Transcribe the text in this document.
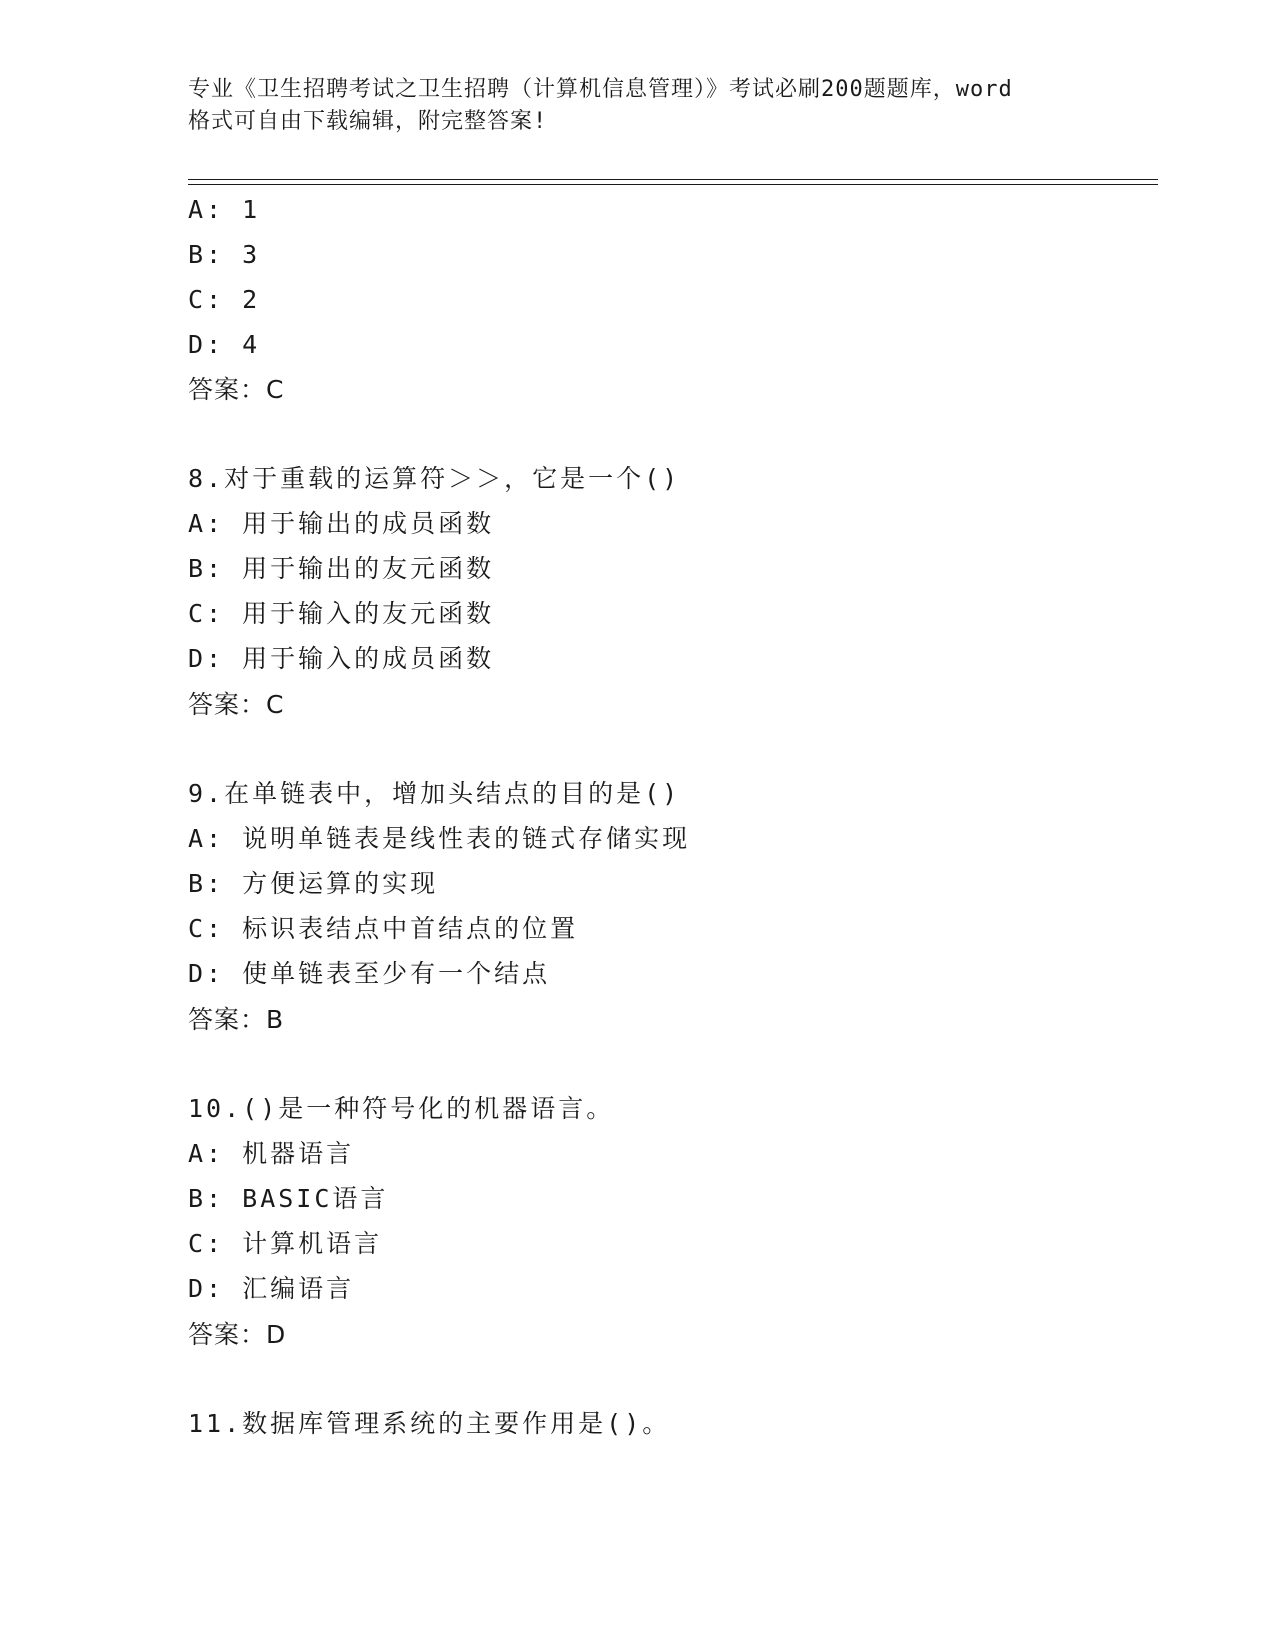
专业《卫生招聘考试之卫生招聘（计算机信息管理）》考试必刷200题题库，word
格式可自由下载编辑，附完整答案!
A: 1
B: 3
C: 2
D: 4
答案：C
8.对于重载的运算符＞＞，它是一个()
A: 用于输出的成员函数
B: 用于输出的友元函数
C: 用于输入的友元函数
D: 用于输入的成员函数
答案：C
9.在单链表中，增加头结点的目的是()
A: 说明单链表是线性表的链式存储实现
B: 方便运算的实现
C: 标识表结点中首结点的位置
D: 使单链表至少有一个结点
答案：B
10.()是一种符号化的机器语言。
A: 机器语言
B: BASIC语言
C: 计算机语言
D: 汇编语言
答案：D
11.数据库管理系统的主要作用是()。
